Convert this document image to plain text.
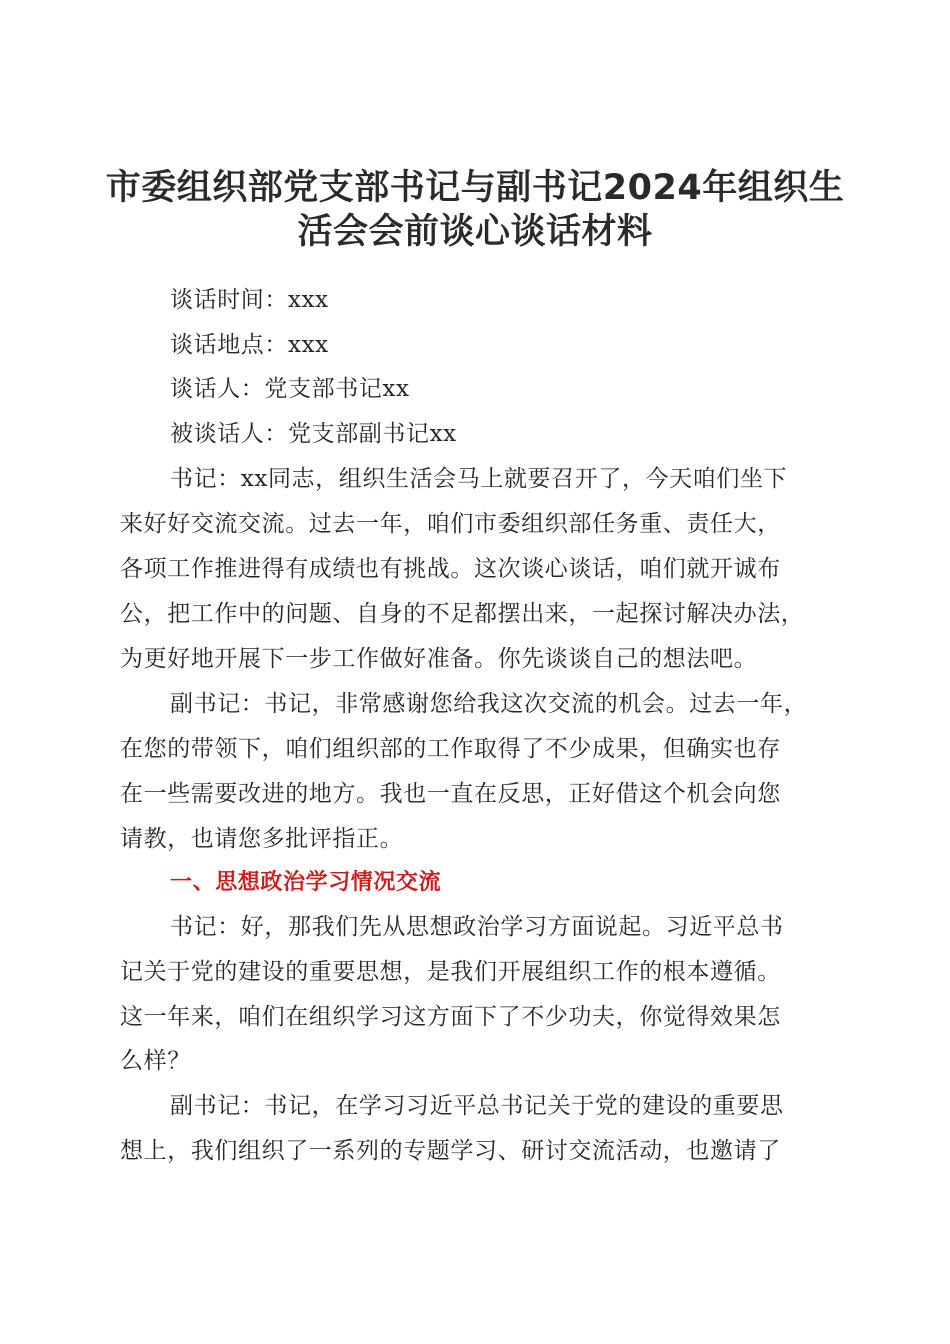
市委组织部党支部书记与副书记2024年组织生
活会会前谈心谈话材料
谈话时间：xxx
谈话地点：xxx
谈话人：党支部书记xx
被谈话人：党支部副书记xx
书记：xx同志，组织生活会马上就要召开了，今天咱们坐下
来好好交流交流。过去一年，咱们市委组织部任务重、责任大，
各项工作推进得有成绩也有挑战。这次谈心谈话，咱们就开诚布
公，把工作中的问题、自身的不足都摆出来，一起探讨解决办法，
为更好地开展下一步工作做好准备。你先谈谈自己的想法吧。
副书记：书记，非常感谢您给我这次交流的机会。过去一年，
在您的带领下，咱们组织部的工作取得了不少成果，但确实也存
在一些需要改进的地方。我也一直在反思，正好借这个机会向您
请教，也请您多批评指正。
一、思想政治学习情况交流
书记：好，那我们先从思想政治学习方面说起。习近平总书
记关于党的建设的重要思想，是我们开展组织工作的根本遵循。
这一年来，咱们在组织学习这方面下了不少功夫，你觉得效果怎
么样？
副书记：书记，在学习习近平总书记关于党的建设的重要思
想上，我们组织了一系列的专题学习、研讨交流活动，也邀请了
